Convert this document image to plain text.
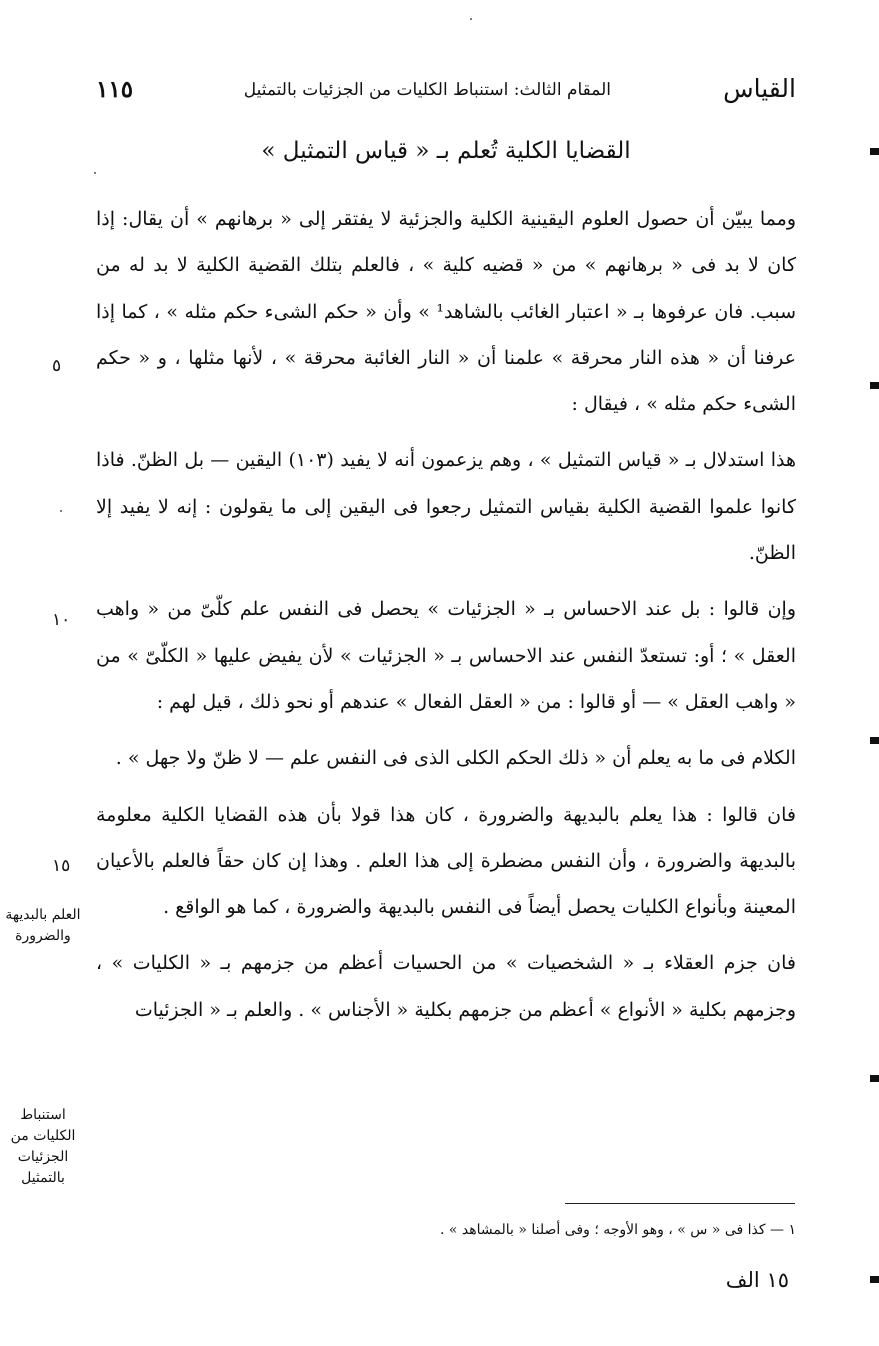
القياس
المقام الثالث: استنباط الكليات من الجزئيات بالتمثيل
١١٥
القضايا الكلية تُعلم بـ « قياس التمثيل »

ومما يبيّن أن حصول العلوم اليقينية الكلية والجزئية لا يفتقر إلى « برهانهم » أن يقال: إذا كان لا بد فى « برهانهم » من « قضيه كلية » ، فالعلم بتلك القضية الكلية لا بد له من سبب. فان عرفوها بـ « اعتبار الغائب بالشاهد¹ » وأن « حكم الشىء حكم مثله » ، كما إذا عرفنا أن « هذه النار محرقة » علمنا أن « النار الغائبة محرقة » ، لأنها مثلها ، و « حكم الشىء حكم مثله » ، فيقال :

هذا استدلال بـ « قياس التمثيل » ، وهم يزعمون أنه لا يفيد (١٠٣) اليقين — بل الظنّ. فاذا كانوا علموا القضية الكلية بقياس التمثيل رجعوا فى اليقين إلى ما يقولون : إنه لا يفيد إلا الظنّ.

وإن قالوا : بل عند الاحساس بـ « الجزئيات » يحصل فى النفس علم كلّىّ من « واهب العقل » ؛ أو: تستعدّ النفس عند الاحساس بـ « الجزئيات » لأن يفيض عليها « الكلّىّ » من « واهب العقل » — أو قالوا : من « العقل الفعال » عندهم أو نحو ذلك ، قيل لهم :

الكلام فى ما به يعلم أن « ذلك الحكم الكلى الذى فى النفس علم — لا ظنّ ولا جهل » .

فان قالوا : هذا يعلم بالبديهة والضرورة ، كان هذا قولا بأن هذه القضايا الكلية معلومة بالبديهة والضرورة ، وأن النفس مضطرة إلى هذا العلم . وهذا إن كان حقاً فالعلم بالأعيان المعينة وبأنواع الكليات يحصل أيضاً فى النفس بالبديهة والضرورة ، كما هو الواقع .

فان جزم العقلاء بـ « الشخصيات » من الحسيات أعظم من جزمهم بـ « الكليات » ، وجزمهم بكلية « الأنواع » أعظم من جزمهم بكلية « الأجناس » . والعلم بـ « الجزئيات

٥
١٠
١٥
العلم بالبديهة والضرورة
استنباط الكليات من الجزئيات بالتمثيل
١ — كذا فى « س » ، وهو الأوجه ؛ وفى أصلنا « بالمشاهد » .
١٥ الف
